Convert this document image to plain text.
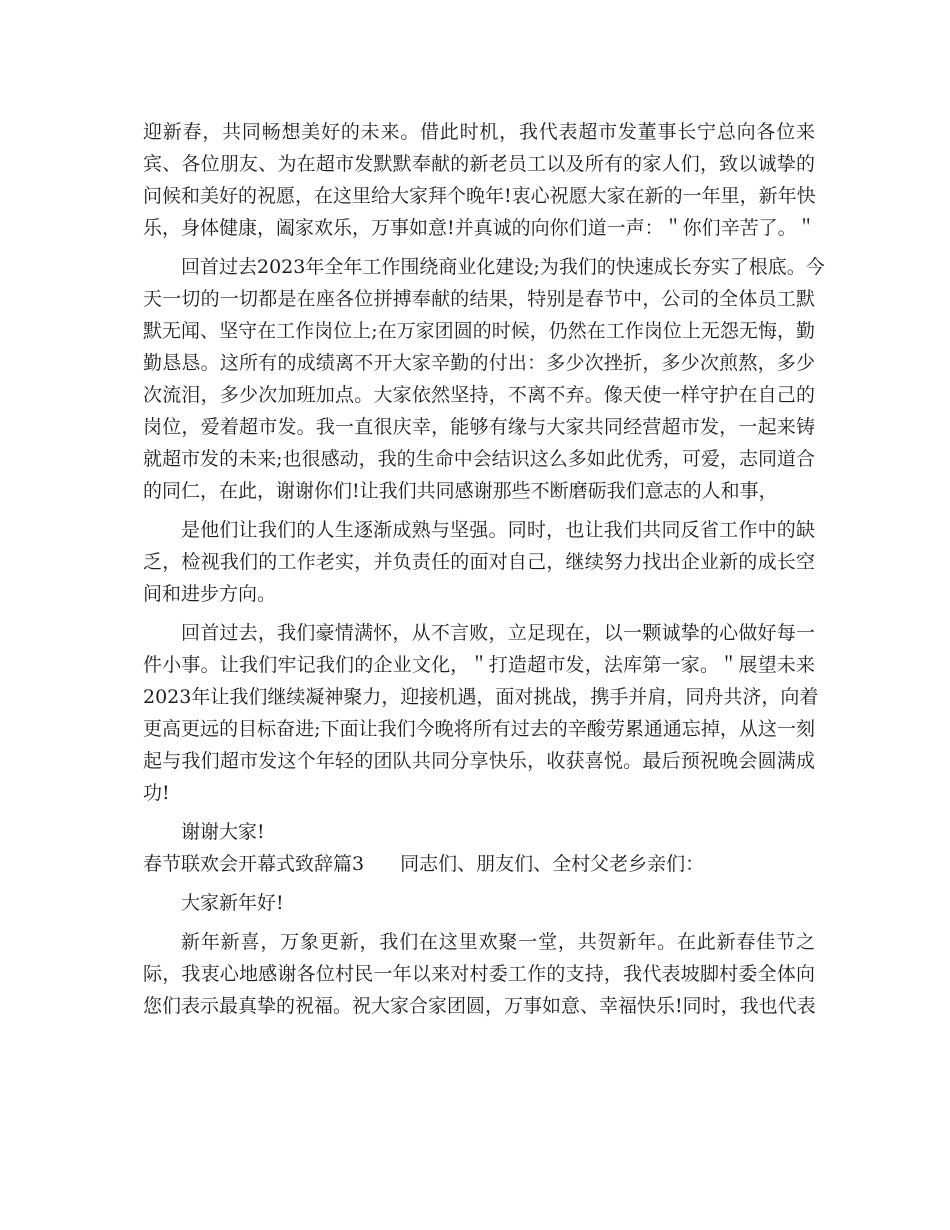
迎新春，共同畅想美好的未来。借此时机，我代表超市发董事长宁总向各位来
宾、各位朋友、为在超市发默默奉献的新老员工以及所有的家人们，致以诚挚的
问候和美好的祝愿，在这里给大家拜个晚年!衷心祝愿大家在新的一年里，新年快
乐，身体健康，阖家欢乐，万事如意!并真诚的向你们道一声：＂你们辛苦了。＂
回首过去2023年全年工作围绕商业化建设;为我们的快速成长夯实了根底。今
天一切的一切都是在座各位拼搏奉献的结果，特别是春节中，公司的全体员工默
默无闻、坚守在工作岗位上;在万家团圆的时候，仍然在工作岗位上无怨无悔，勤
勤恳恳。这所有的成绩离不开大家辛勤的付出：多少次挫折，多少次煎熬，多少
次流泪，多少次加班加点。大家依然坚持，不离不弃。像天使一样守护在自己的
岗位，爱着超市发。我一直很庆幸，能够有缘与大家共同经营超市发，一起来铸
就超市发的未来;也很感动，我的生命中会结识这么多如此优秀，可爱，志同道合
的同仁，在此，谢谢你们!让我们共同感谢那些不断磨砺我们意志的人和事，
是他们让我们的人生逐渐成熟与坚强。同时，也让我们共同反省工作中的缺
乏，检视我们的工作老实，并负责任的面对自己，继续努力找出企业新的成长空
间和进步方向。
回首过去，我们豪情满怀，从不言败，立足现在，以一颗诚挚的心做好每一
件小事。让我们牢记我们的企业文化，＂打造超市发，法库第一家。＂展望未来
2023年让我们继续凝神聚力，迎接机遇，面对挑战，携手并肩，同舟共济，向着
更高更远的目标奋进;下面让我们今晚将所有过去的辛酸劳累通通忘掉，从这一刻
起与我们超市发这个年轻的团队共同分享快乐，收获喜悦。最后预祝晚会圆满成
功!
谢谢大家!
春节联欢会开幕式致辞篇3 同志们、朋友们、全村父老乡亲们：
大家新年好!
新年新喜，万象更新，我们在这里欢聚一堂，共贺新年。在此新春佳节之
际，我衷心地感谢各位村民一年以来对村委工作的支持，我代表坡脚村委全体向
您们表示最真挚的祝福。祝大家合家团圆，万事如意、幸福快乐!同时，我也代表
